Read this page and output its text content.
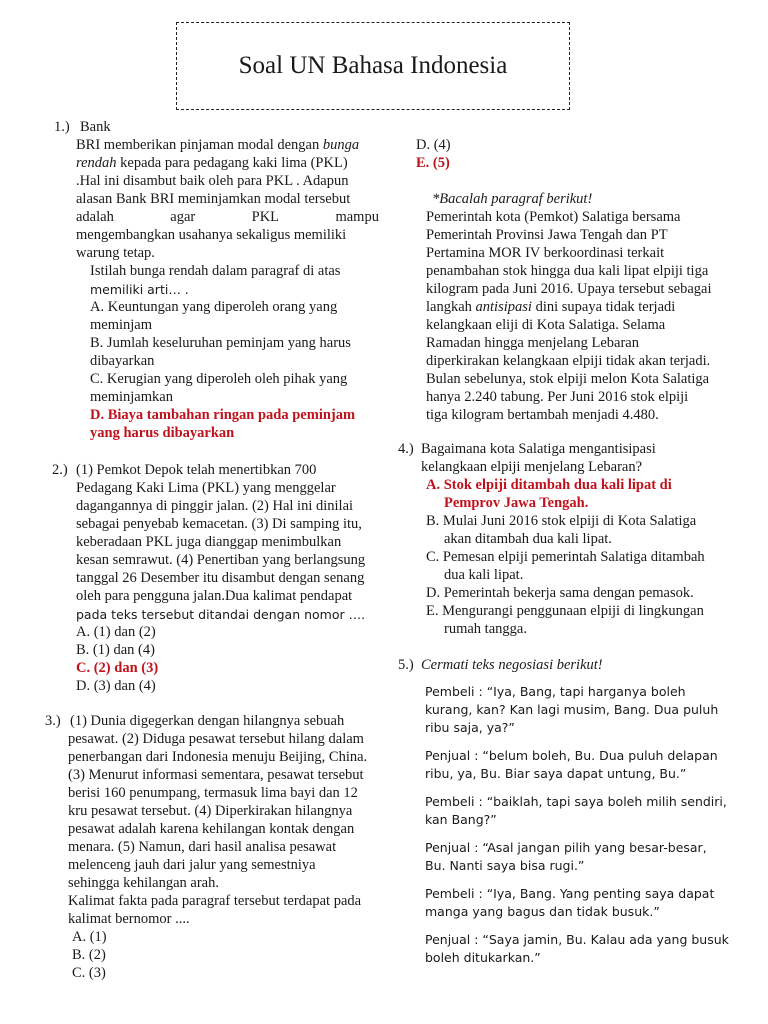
Soal UN Bahasa Indonesia
1.) Bank
BRI memberikan pinjaman modal dengan bunga
rendah kepada para pedagang kaki lima (PKL)
.Hal ini disambut baik oleh para PKL . Adapun
alasan Bank BRI meminjamkan modal tersebut
adalah	agar	PKL	mampu
mengembangkan usahanya sekaligus memiliki
warung tetap.
Istilah bunga rendah dalam paragraf di atas
memiliki arti… .
A. Keuntungan yang diperoleh orang yang
meminjam
B. Jumlah keseluruhan peminjam yang harus
dibayarkan
C. Kerugian yang diperoleh oleh pihak yang
meminjamkan
D. Biaya tambahan ringan pada peminjam
yang harus dibayarkan
2.) (1) Pemkot Depok telah menertibkan 700
Pedagang Kaki Lima (PKL) yang menggelar
dagangannya di pinggir jalan. (2) Hal ini dinilai
sebagai penyebab kemacetan. (3) Di samping itu,
keberadaan PKL juga dianggap menimbulkan
kesan semrawut. (4) Penertiban yang berlangsung
tanggal 26 Desember itu disambut dengan senang
oleh para pengguna jalan.Dua kalimat pendapat
pada teks tersebut ditandai dengan nomor ….
A. (1) dan (2)
B. (1) dan (4)
C. (2) dan (3)
D. (3) dan (4)
3.) (1) Dunia digegerkan dengan hilangnya sebuah
pesawat. (2) Diduga pesawat tersebut hilang dalam
penerbangan dari Indonesia menuju Beijing, China.
(3) Menurut informasi sementara, pesawat tersebut
berisi 160 penumpang, termasuk lima bayi dan 12
kru pesawat tersebut. (4) Diperkirakan hilangnya
pesawat adalah karena kehilangan kontak dengan
menara. (5) Namun, dari hasil analisa pesawat
melenceng jauh dari jalur yang semestniya
sehingga kehilangan arah.
Kalimat fakta pada paragraf tersebut terdapat pada
kalimat bernomor ....
A. (1)
B. (2)
C. (3)
D. (4)
E. (5)
*Bacalah paragraf berikut!
Pemerintah kota (Pemkot) Salatiga bersama
Pemerintah Provinsi Jawa Tengah dan PT
Pertamina MOR IV berkoordinasi terkait
penambahan stok hingga dua kali lipat elpiji tiga
kilogram pada Juni 2016. Upaya tersebut sebagai
langkah antisipasi dini supaya tidak terjadi
kelangkaan eliji di Kota Salatiga. Selama
Ramadan hingga menjelang Lebaran
diperkirakan kelangkaan elpiji tidak akan terjadi.
Bulan sebelunya, stok elpiji melon Kota Salatiga
hanya 2.240 tabung. Per Juni 2016 stok elpiji
tiga kilogram bertambah menjadi 4.480.
4.) Bagaimana kota Salatiga mengantisipasi
kelangkaan elpiji menjelang Lebaran?
A. Stok elpiji ditambah dua kali lipat di
Pemprov Jawa Tengah.
B. Mulai Juni 2016 stok elpiji di Kota Salatiga
akan ditambah dua kali lipat.
C. Pemesan elpiji pemerintah Salatiga ditambah
dua kali lipat.
D. Pemerintah bekerja sama dengan pemasok.
E. Mengurangi penggunaan elpiji di lingkungan
rumah tangga.
5.) Cermati teks negosiasi berikut!
Pembeli : “Iya, Bang, tapi harganya boleh
kurang, kan? Kan lagi musim, Bang. Dua puluh
ribu saja, ya?”
Penjual : “belum boleh, Bu. Dua puluh delapan
ribu, ya, Bu. Biar saya dapat untung, Bu.”
Pembeli : “baiklah, tapi saya boleh milih sendiri,
kan Bang?”
Penjual : “Asal jangan pilih yang besar-besar,
Bu. Nanti saya bisa rugi.”
Pembeli : “Iya, Bang. Yang penting saya dapat
manga yang bagus dan tidak busuk.”
Penjual : “Saya jamin, Bu. Kalau ada yang busuk
boleh ditukarkan.”
